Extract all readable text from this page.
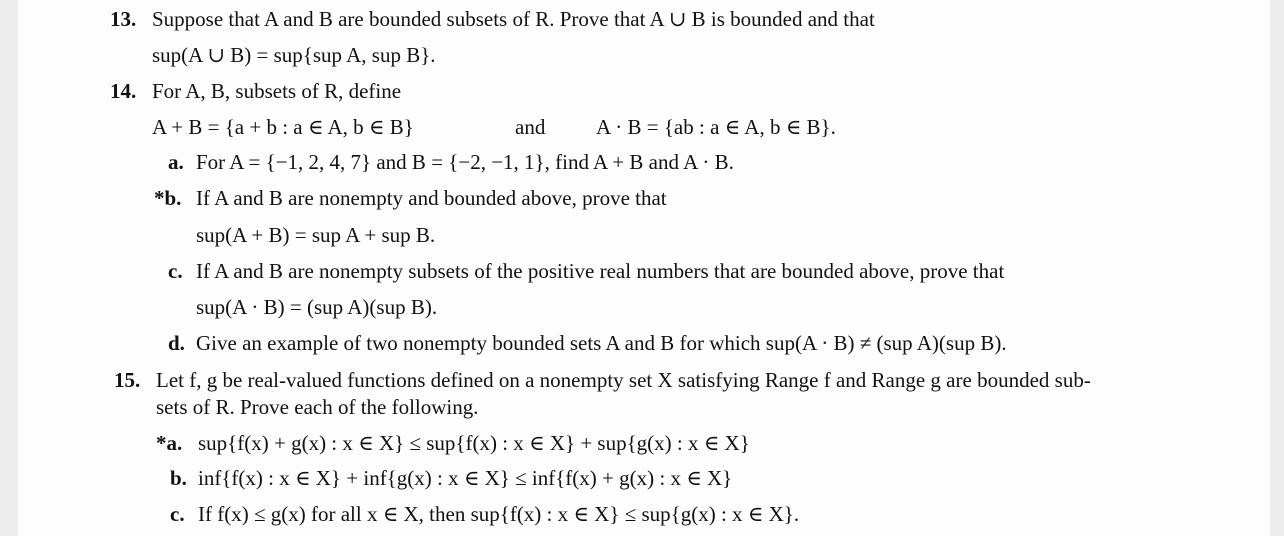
13. Suppose that A and B are bounded subsets of R. Prove that A ∪ B is bounded and that
sup(A ∪ B) = sup{sup A, sup B}.
14. For A, B, subsets of R, define
A + B = {a + b : a ∈ A, b ∈ B}	and A · B = {ab : a ∈ A, b ∈ B}.
a. For A = {−1, 2, 4, 7} and B = {−2, −1, 1}, find A + B and A · B.
*b. If A and B are nonempty and bounded above, prove that
sup(A + B) = sup A + sup B.
c. If A and B are nonempty subsets of the positive real numbers that are bounded above, prove that
sup(A · B) = (sup A)(sup B).
d. Give an example of two nonempty bounded sets A and B for which sup(A · B) ≠ (sup A)(sup B).
15. Let f, g be real-valued functions defined on a nonempty set X satisfying Range f and Range g are bounded sub-
sets of R. Prove each of the following.
*a. sup{f(x) + g(x) : x ∈ X} ≤ sup{f(x) : x ∈ X} + sup{g(x) : x ∈ X}
b. inf{f(x) : x ∈ X} + inf{g(x) : x ∈ X} ≤ inf{f(x) + g(x) : x ∈ X}
c. If f(x) ≤ g(x) for all x ∈ X, then sup{f(x) : x ∈ X} ≤ sup{g(x) : x ∈ X}.
